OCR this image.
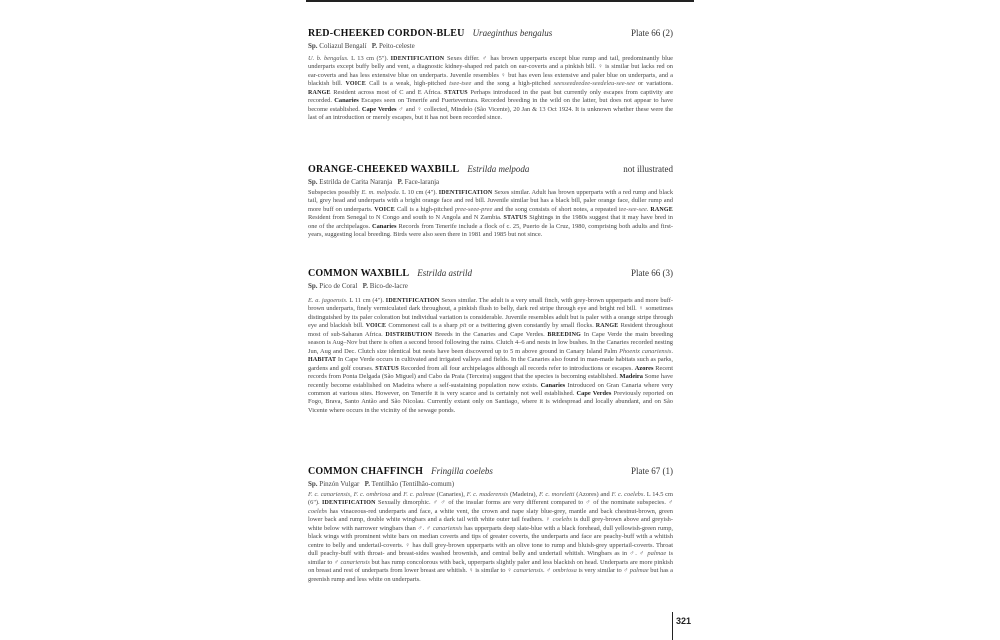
RED-CHEEKED CORDON-BLEU Uraeginthus bengalus	Plate 66 (2)
Sp. Coliazul Bengalí P. Peito-celeste
U. b. bengalus. L 13 cm (5"). IDENTIFICATION Sexes differ. ♂ has brown upperparts except blue rump and tail, predominantly blue underparts except buffy belly and vent, a diagnostic kidney-shaped red patch on ear-coverts and a pinkish bill. ♀ is similar but lacks red on ear-coverts and has less extensive blue on underparts. Juvenile resembles ♀ but has even less extensive and paler blue on underparts, and a blackish bill. VOICE Call is a weak, high-pitched tsee-tsee and the song a high-pitched seesseedeedee-seedeleu-see-see or variations. RANGE Resident across most of C and E Africa. STATUS Perhaps introduced in the past but currently only escapes from captivity are recorded. Canaries Escapes seen on Tenerife and Fuerteventura. Recorded breeding in the wild on the latter, but does not appear to have become established. Cape Verdes ♂ and ♀ collected, Mindelo (São Vicente), 20 Jan & 13 Oct 1924. It is unknown whether these were the last of an introduction or merely escapes, but it has not been recorded since.
ORANGE-CHEEKED WAXBILL Estrilda melpoda	not illustrated
Sp. Estrilda de Carita Naranja P. Face-laranja
Subspecies possibly E. m. melpoda. L 10 cm (4"). IDENTIFICATION Sexes similar. Adult has brown upperparts with a red rump and black tail, grey head and underparts with a bright orange face and red bill. Juvenile similar but has a black bill, paler orange face, duller rump and more buff on underparts. VOICE Call is a high-pitched pree-seee-pree and the song consists of short notes, a repeated tee-see-see. RANGE Resident from Senegal to N Congo and south to N Angola and N Zambia. STATUS Sightings in the 1980s suggest that it may have bred in one of the archipelagos. Canaries Records from Tenerife include a flock of c. 25, Puerto de la Cruz, 1980, comprising both adults and first-years, suggesting local breeding. Birds were also seen there in 1981 and 1985 but not since.
COMMON WAXBILL Estrilda astrild	Plate 66 (3)
Sp. Pico de Coral P. Bico-de-lacre
E. a. jagoensis. L 11 cm (4"). IDENTIFICATION Sexes similar. The adult is a very small finch, with grey-brown upperparts and more buff-brown underparts, finely vermiculated dark throughout, a pinkish flush to belly, dark red stripe through eye and bright red bill. ♀ sometimes distinguished by its paler coloration but individual variation is considerable. Juvenile resembles adult but is paler with a orange stripe through eye and blackish bill. VOICE Commonest call is a sharp pit or a twittering given constantly by small flocks. RANGE Resident throughout most of sub-Saharan Africa. DISTRIBUTION Breeds in the Canaries and Cape Verdes. BREEDING In Cape Verde the main breeding season is Aug–Nov but there is often a second brood following the rains. Clutch 4–6 and nests in low bushes. In the Canaries recorded nesting Jun, Aug and Dec. Clutch size identical but nests have been discovered up to 5 m above ground in Canary Island Palm Phoenix canariensis. HABITAT In Cape Verde occurs in cultivated and irrigated valleys and fields. In the Canaries also found in man-made habitats such as parks, gardens and golf courses. STATUS Recorded from all four archipelagos although all records refer to introductions or escapes. Azores Recent records from Ponta Delgada (São Miguel) and Cabo da Praia (Terceira) suggest that the species is becoming established. Madeira Some have recently become established on Madeira where a self-sustaining population now exists. Canaries Introduced on Gran Canaria where very common at various sites. However, on Tenerife it is very scarce and is certainly not well established. Cape Verdes Previously reported on Fogo, Brava, Santo Antão and São Nicolau. Currently extant only on Santiago, where it is widespread and locally abundant, and on São Vicente where occurs in the vicinity of the sewage ponds.
COMMON CHAFFINCH Fringilla coelebs	Plate 67 (1)
Sp. Pinzón Vulgar P. Tentilhão (Tentilhão-comum)
F. c. canariensis, F. c. ombriosa and F. c. palmae (Canaries), F. c. maderensis (Madeira), F. c. moreletti (Azores) and F. c. coelebs. L 14.5 cm (6"). IDENTIFICATION Sexually dimorphic. ♂ ♂ of the insular forms are very different compared to ♂ of the nominate subspecies. ♂ coelebs has vinaceous-red underparts and face, a white vent, the crown and nape slaty blue-grey, mantle and back chestnut-brown, green lower back and rump, double white wingbars and a dark tail with white outer tail feathers. ♀ coelebs is dull grey-brown above and greyish-white below with narrower wingbars than ♂. ♂ canariensis has upperparts deep slate-blue with a black forehead, dull yellowish-green rump, black wings with prominent white bars on median coverts and tips of greater coverts, the underparts and face are peachy-buff with a whitish centre to belly and undertail-coverts. ♀ has dull grey-brown upperparts with an olive tone to rump and bluish-grey uppertail-coverts. Throat dull peachy-buff with throat- and breast-sides washed brownish, and central belly and undertail whitish. Wingbars as in ♂. ♂ palmae is similar to ♂ canariensis but has rump concolorous with back, upperparts slightly paler and less blackish on head. Underparts are more pinkish on breast and rest of underparts from lower breast are whitish. ♀ is similar to ♀ canariensis. ♂ ombriosa is very similar to ♂ palmae but has a greenish rump and less white on underparts.
321
